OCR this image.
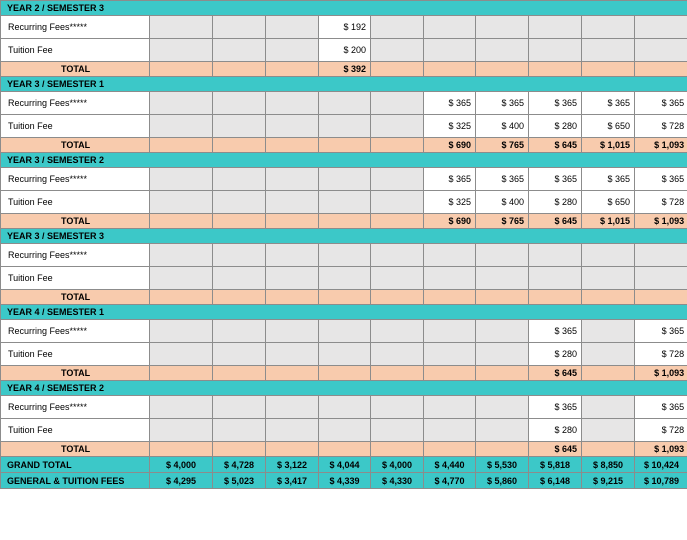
YEAR 2 / SEMESTER 3										
Recurring Fees*****				$ 192						
Tuition Fee				$ 200						
TOTAL				$ 392						
YEAR 3 / SEMESTER 1										
Recurring Fees*****						$ 365	$ 365	$ 365	$ 365	$ 365
Tuition Fee						$ 325	$ 400	$ 280	$ 650	$ 728
TOTAL						$ 690	$ 765	$ 645	$ 1,015	$ 1,093
YEAR 3 / SEMESTER 2										
Recurring Fees*****						$ 365	$ 365	$ 365	$ 365	$ 365
Tuition Fee						$ 325	$ 400	$ 280	$ 650	$ 728
TOTAL						$ 690	$ 765	$ 645	$ 1,015	$ 1,093
YEAR 3 / SEMESTER 3										
Recurring Fees*****										
Tuition Fee										
TOTAL										
YEAR 4 / SEMESTER 1										
Recurring Fees*****								$ 365		$ 365
Tuition Fee								$ 280		$ 728
TOTAL								$ 645		$ 1,093
YEAR 4 / SEMESTER 2										
Recurring Fees*****								$ 365		$ 365
Tuition Fee								$ 280		$ 728
TOTAL								$ 645		$ 1,093
GRAND TOTAL	$ 4,000	$ 4,728	$ 3,122	$ 4,044	$ 4,000	$ 4,440	$ 5,530	$ 5,818	$ 8,850	$ 10,424
GENERAL & TUITION FEES	$ 4,295	$ 5,023	$ 3,417	$ 4,339	$ 4,330	$ 4,770	$ 5,860	$ 6,148	$ 9,215	$ 10,789
